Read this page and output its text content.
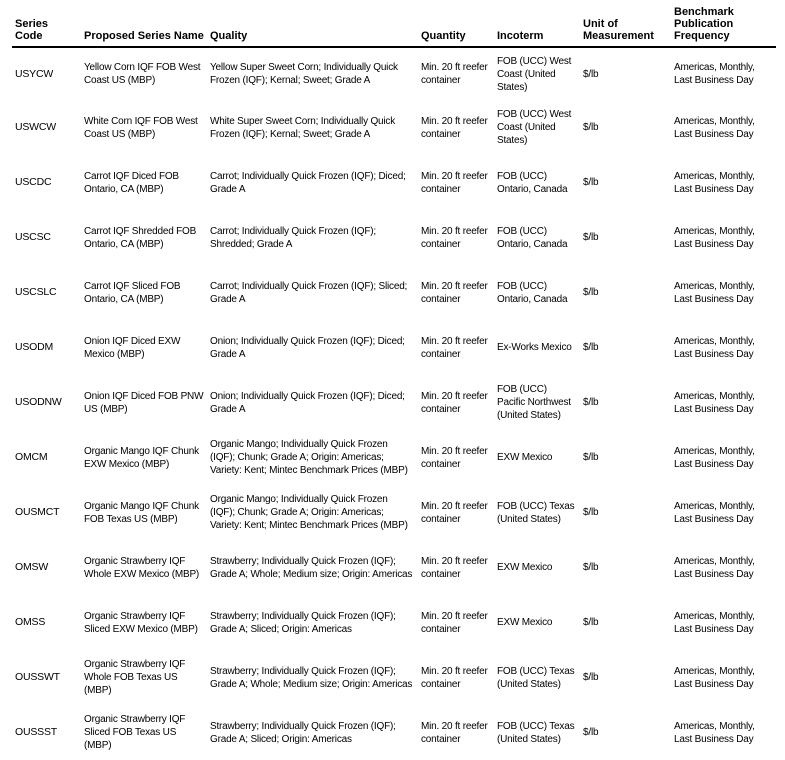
Series Code	Proposed Series Name	Quality	Quantity	Incoterm	Unit of Measurement	Benchmark Publication Frequency
USYCW	Yellow Corn IQF FOB West Coast US (MBP)	Yellow Super Sweet Corn; Individually Quick Frozen (IQF); Kernal; Sweet; Grade A	Min. 20 ft reefer container	FOB (UCC) West Coast (United States)	$/lb	Americas, Monthly, Last Business Day
USWCW	White Corn IQF FOB West Coast US (MBP)	White Super Sweet Corn; Individually Quick Frozen (IQF); Kernal; Sweet; Grade A	Min. 20 ft reefer container	FOB (UCC) West Coast (United States)	$/lb	Americas, Monthly, Last Business Day
USCDC	Carrot IQF Diced FOB Ontario, CA (MBP)	Carrot; Individually Quick Frozen (IQF); Diced; Grade A	Min. 20 ft reefer container	FOB (UCC) Ontario, Canada	$/lb	Americas, Monthly, Last Business Day
USCSC	Carrot IQF Shredded FOB Ontario, CA (MBP)	Carrot; Individually Quick Frozen (IQF); Shredded; Grade A	Min. 20 ft reefer container	FOB (UCC) Ontario, Canada	$/lb	Americas, Monthly, Last Business Day
USCSLC	Carrot IQF Sliced FOB Ontario, CA (MBP)	Carrot; Individually Quick Frozen (IQF); Sliced; Grade A	Min. 20 ft reefer container	FOB (UCC) Ontario, Canada	$/lb	Americas, Monthly, Last Business Day
USODM	Onion IQF Diced EXW Mexico (MBP)	Onion; Individually Quick Frozen (IQF); Diced; Grade A	Min. 20 ft reefer container	Ex-Works Mexico	$/lb	Americas, Monthly, Last Business Day
USODNW	Onion IQF Diced FOB PNW US (MBP)	Onion; Individually Quick Frozen (IQF); Diced; Grade A	Min. 20 ft reefer container	FOB (UCC) Pacific Northwest (United States)	$/lb	Americas, Monthly, Last Business Day
OMCM	Organic Mango IQF Chunk EXW Mexico (MBP)	Organic Mango; Individually Quick Frozen (IQF); Chunk; Grade A; Origin: Americas; Variety: Kent; Mintec Benchmark Prices (MBP)	Min. 20 ft reefer container	EXW Mexico	$/lb	Americas, Monthly, Last Business Day
OUSMCT	Organic Mango IQF Chunk FOB Texas US (MBP)	Organic Mango; Individually Quick Frozen (IQF); Chunk; Grade A; Origin: Americas; Variety: Kent; Mintec Benchmark Prices (MBP)	Min. 20 ft reefer container	FOB (UCC) Texas (United States)	$/lb	Americas, Monthly, Last Business Day
OMSW	Organic Strawberry IQF Whole EXW Mexico (MBP)	Strawberry; Individually Quick Frozen (IQF); Grade A; Whole; Medium size; Origin: Americas	Min. 20 ft reefer container	EXW Mexico	$/lb	Americas, Monthly, Last Business Day
OMSS	Organic Strawberry IQF Sliced EXW Mexico (MBP)	Strawberry; Individually Quick Frozen (IQF); Grade A; Sliced; Origin: Americas	Min. 20 ft reefer container	EXW Mexico	$/lb	Americas, Monthly, Last Business Day
OUSSWT	Organic Strawberry IQF Whole FOB Texas US (MBP)	Strawberry; Individually Quick Frozen (IQF); Grade A; Whole; Medium size; Origin: Americas	Min. 20 ft reefer container	FOB (UCC) Texas (United States)	$/lb	Americas, Monthly, Last Business Day
OUSSST	Organic Strawberry IQF Sliced FOB Texas US (MBP)	Strawberry; Individually Quick Frozen (IQF); Grade A; Sliced; Origin: Americas	Min. 20 ft reefer container	FOB (UCC) Texas (United States)	$/lb	Americas, Monthly, Last Business Day
